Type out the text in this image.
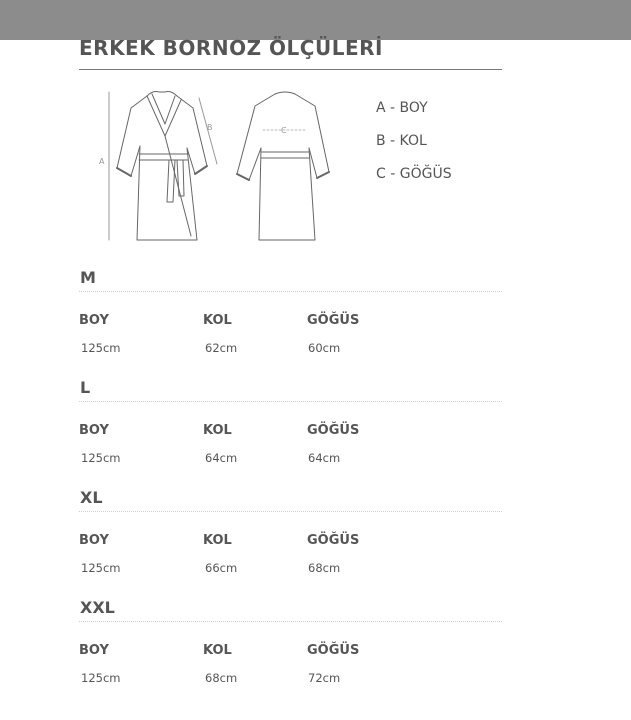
ERKEK BORNOZ ÖLÇÜLERİ
A
B	C
A - BOY
B - KOL
C - GÖĞÜS
M
BOY	KOL	GÖĞÜS
125cm	62cm	60cm
L
BOY	KOL	GÖĞÜS
125cm	64cm	64cm
XL
BOY	KOL	GÖĞÜS
125cm	66cm	68cm
XXL
BOY	KOL	GÖĞÜS
125cm	68cm	72cm
